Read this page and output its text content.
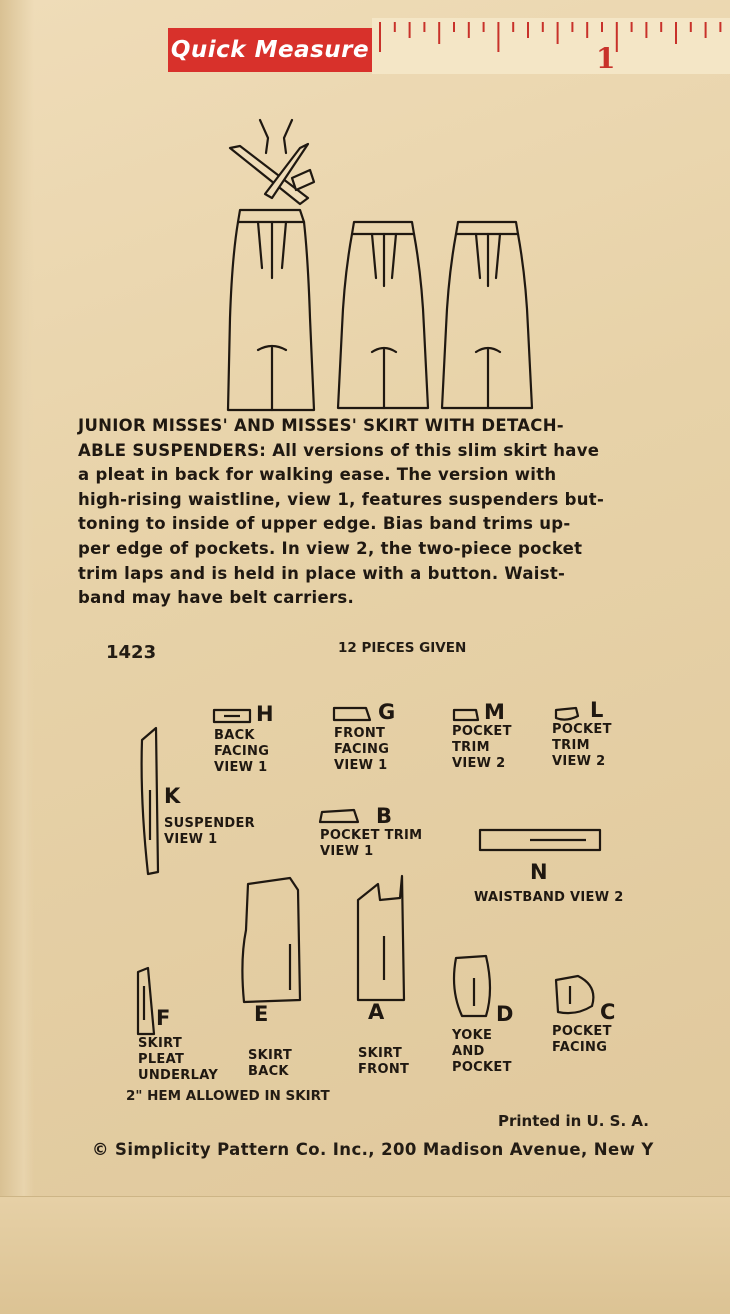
Quick Measure	1
JUNIOR MISSES' AND MISSES' SKIRT WITH DETACH-
ABLE SUSPENDERS: All versions of this slim skirt have
a pleat in back for walking ease. The version with
high-rising waistline, view 1, features suspenders but-
toning to inside of upper edge. Bias band trims up-
per edge of pockets. In view 2, the two-piece pocket
trim laps and is held in place with a button. Waist-
band may have belt carriers.
1423	12 PIECES GIVEN
H	G	M	L
K
B
N
F	E	A	D	C
BACK
FACING
VIEW 1
FRONT
FACING
VIEW 1
POCKET
TRIM
VIEW 2
POCKET
TRIM
VIEW 2
SUSPENDER
VIEW 1	POCKET TRIM
VIEW 1
WAISTBAND VIEW 2
SKIRT
PLEAT
UNDERLAY
SKIRT
BACK
SKIRT
FRONT
YOKE
AND
POCKET
POCKET
FACING
2" HEM ALLOWED IN SKIRT
Printed in U. S. A.
© Simplicity Pattern Co. Inc., 200 Madison Avenue, New Y
